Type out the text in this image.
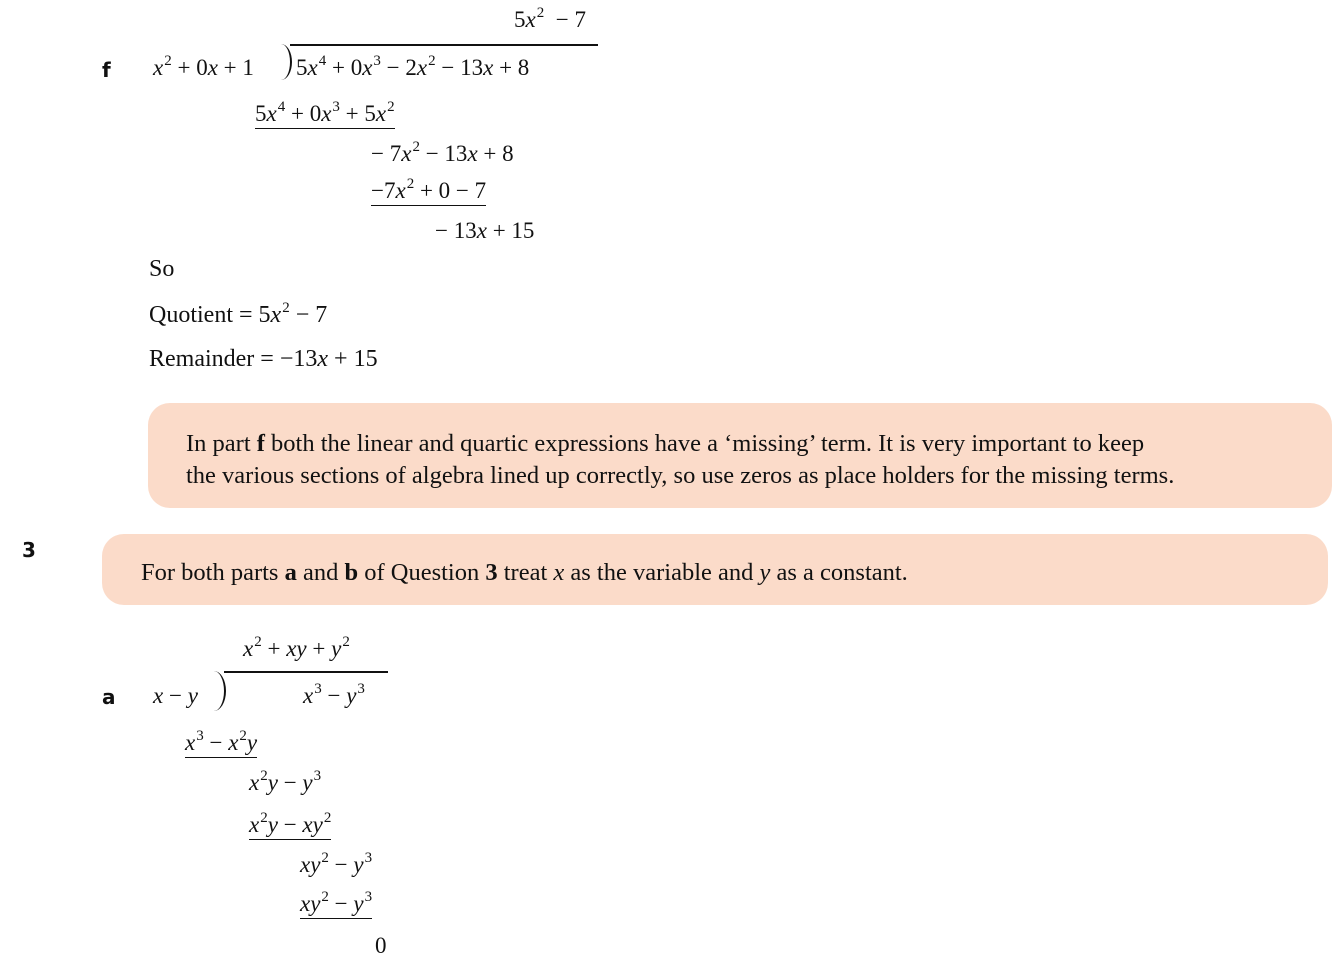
f
$5x^2 - 7$
$x^2 + 0x + 1$ $5x^4 + 0x^3 - 2x^2 - 13x + 8$
$5x^4 + 0x^3 + 5x^2$
− $7x^2 - 13x + 8$
$-7x^2 + 0 - 7$
− 13x + 15
So
Quotient = $5x^2 - 7$
Remainder = −13x + 15
In part f both the linear and quartic expressions have a ‘missing’ term. It is very important to keep
the various sections of algebra lined up correctly, so use zeros as place holders for the missing terms.
3
For both parts a and b of Question 3 treat x as the variable and y as a constant.
a
$x^2$ + xy + $y^2$
x − y	$x^3 - y^3$
$x^3 - x^2y$
$x^2y - y^3$
$x^2y - xy^2$
$xy^2 - y^3$
$xy^2 - y^3$
0
